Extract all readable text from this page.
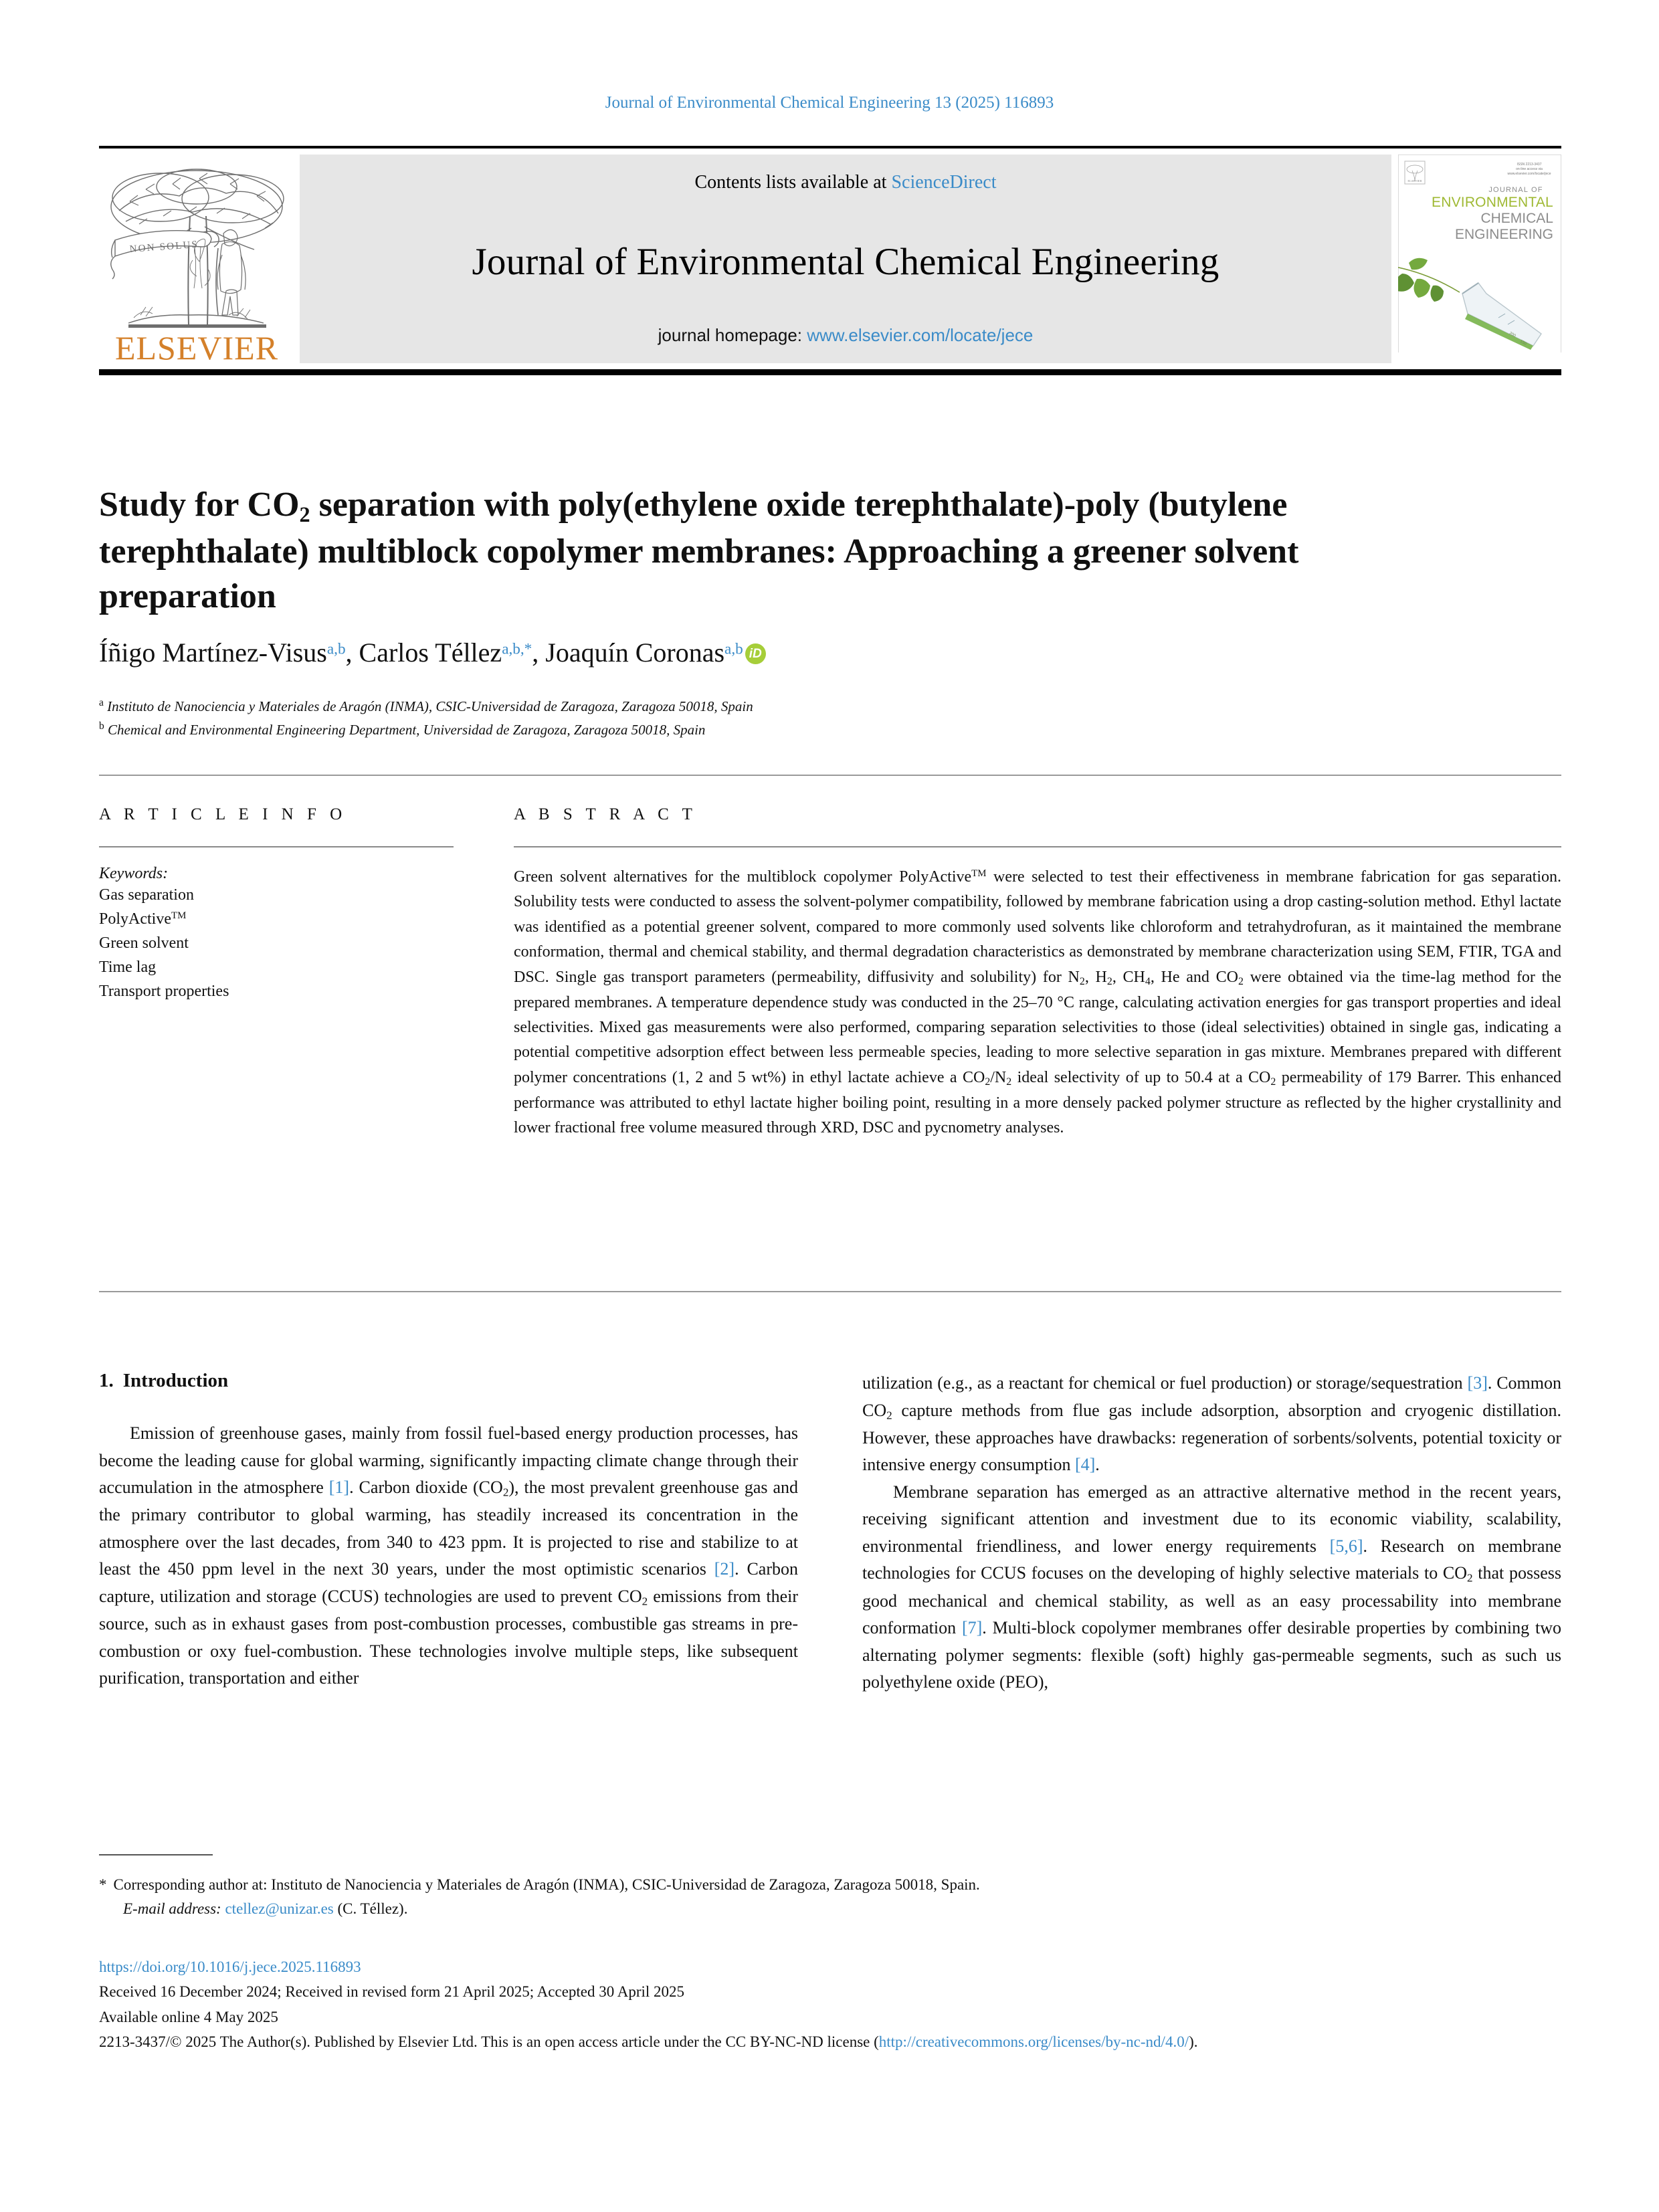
Journal of Environmental Chemical Engineering 13 (2025) 116893
NON SOLUS
ELSEVIER
Contents lists available at ScienceDirect
Journal of Environmental Chemical Engineering
journal homepage: www.elsevier.com/locate/jece
ELSEVIER
ISSN 2213-3437
on-line access via
www.elsevier.com/locate/jece
JOURNAL OF
ENVIRONMENTAL
CHEMICAL
ENGINEERING
200
150
Study for $CO_2$ separation with poly(ethylene oxide terephthalate)-poly (butylene terephthalate) multiblock copolymer membranes: Approaching a greener solvent preparation
Íñigo Martínez-Visus$^{a,b}$, Carlos Téllez$^{a,b,*}$, Joaquín Coronas$^{a,b}$ iD
$^a$ Instituto de Nanociencia y Materiales de Aragón (INMA), CSIC-Universidad de Zaragoza, Zaragoza 50018, Spain
$^b$ Chemical and Environmental Engineering Department, Universidad de Zaragoza, Zaragoza 50018, Spain
A R T I C L E I N F O
Keywords:
Gas separation
PolyActive™
Green solvent
Time lag
Transport properties
A B S T R A C T

Green solvent alternatives for the multiblock copolymer PolyActive™ were selected to test their effectiveness in membrane fabrication for gas separation. Solubility tests were conducted to assess the solvent-polymer compatibility, followed by membrane fabrication using a drop casting-solution method. Ethyl lactate was identified as a potential greener solvent, compared to more commonly used solvents like chloroform and tetrahydrofuran, as it maintained the membrane conformation, thermal and chemical stability, and thermal degradation characteristics as demonstrated by membrane characterization using SEM, FTIR, TGA and DSC. Single gas transport parameters (permeability, diffusivity and solubility) for $N_2$, $H_2$, $CH_4$, He and $CO_2$ were obtained via the time-lag method for the prepared membranes. A temperature dependence study was conducted in the 25–70 °C range, calculating activation energies for gas transport properties and ideal selectivities. Mixed gas measurements were also performed, comparing separation selectivities to those (ideal selectivities) obtained in single gas, indicating a potential competitive adsorption effect between less permeable species, leading to more selective separation in gas mixture. Membranes prepared with different polymer concentrations (1, 2 and 5 wt%) in ethyl lactate achieve a $CO_2/N_2$ ideal selectivity of up to 50.4 at a $CO_2$ permeability of 179 Barrer. This enhanced performance was attributed to ethyl lactate higher boiling point, resulting in a more densely packed polymer structure as reflected by the higher crystallinity and lower fractional free volume measured through XRD, DSC and pycnometry analyses.

1. Introduction

Emission of greenhouse gases, mainly from fossil fuel-based energy production processes, has become the leading cause for global warming, significantly impacting climate change through their accumulation in the atmosphere [1]. Carbon dioxide $(CO_2)$, the most prevalent greenhouse gas and the primary contributor to global warming, has steadily increased its concentration in the atmosphere over the last decades, from 340 to 423 ppm. It is projected to rise and stabilize to at least the 450 ppm level in the next 30 years, under the most optimistic scenarios [2]. Carbon capture, utilization and storage (CCUS) technologies are used to prevent $CO_2$ emissions from their source, such as in exhaust gases from post-combustion processes, combustible gas streams in pre-combustion or oxy fuel-combustion. These technologies involve multiple steps, like subsequent purification, transportation and either

utilization (e.g., as a reactant for chemical or fuel production) or storage/sequestration [3]. Common $CO_2$ capture methods from flue gas include adsorption, absorption and cryogenic distillation. However, these approaches have drawbacks: regeneration of sorbents/solvents, potential toxicity or intensive energy consumption [4].

Membrane separation has emerged as an attractive alternative method in the recent years, receiving significant attention and investment due to its economic viability, scalability, environmental friendliness, and lower energy requirements [5,6]. Research on membrane technologies for CCUS focuses on the developing of highly selective materials to $CO_2$ that possess good mechanical and chemical stability, as well as an easy processability into membrane conformation [7]. Multi-block copolymer membranes offer desirable properties by combining two alternating polymer segments: flexible (soft) highly gas-permeable segments, such as such us polyethylene oxide (PEO),

* Corresponding author at: Instituto de Nanociencia y Materiales de Aragón (INMA), CSIC-Universidad de Zaragoza, Zaragoza 50018, Spain.
E-mail address: ctellez@unizar.es (C. Téllez).
https://doi.org/10.1016/j.jece.2025.116893
Received 16 December 2024; Received in revised form 21 April 2025; Accepted 30 April 2025
Available online 4 May 2025
2213-3437/© 2025 The Author(s). Published by Elsevier Ltd. This is an open access article under the CC BY-NC-ND license (http://creativecommons.org/licenses/by-nc-nd/4.0/).
